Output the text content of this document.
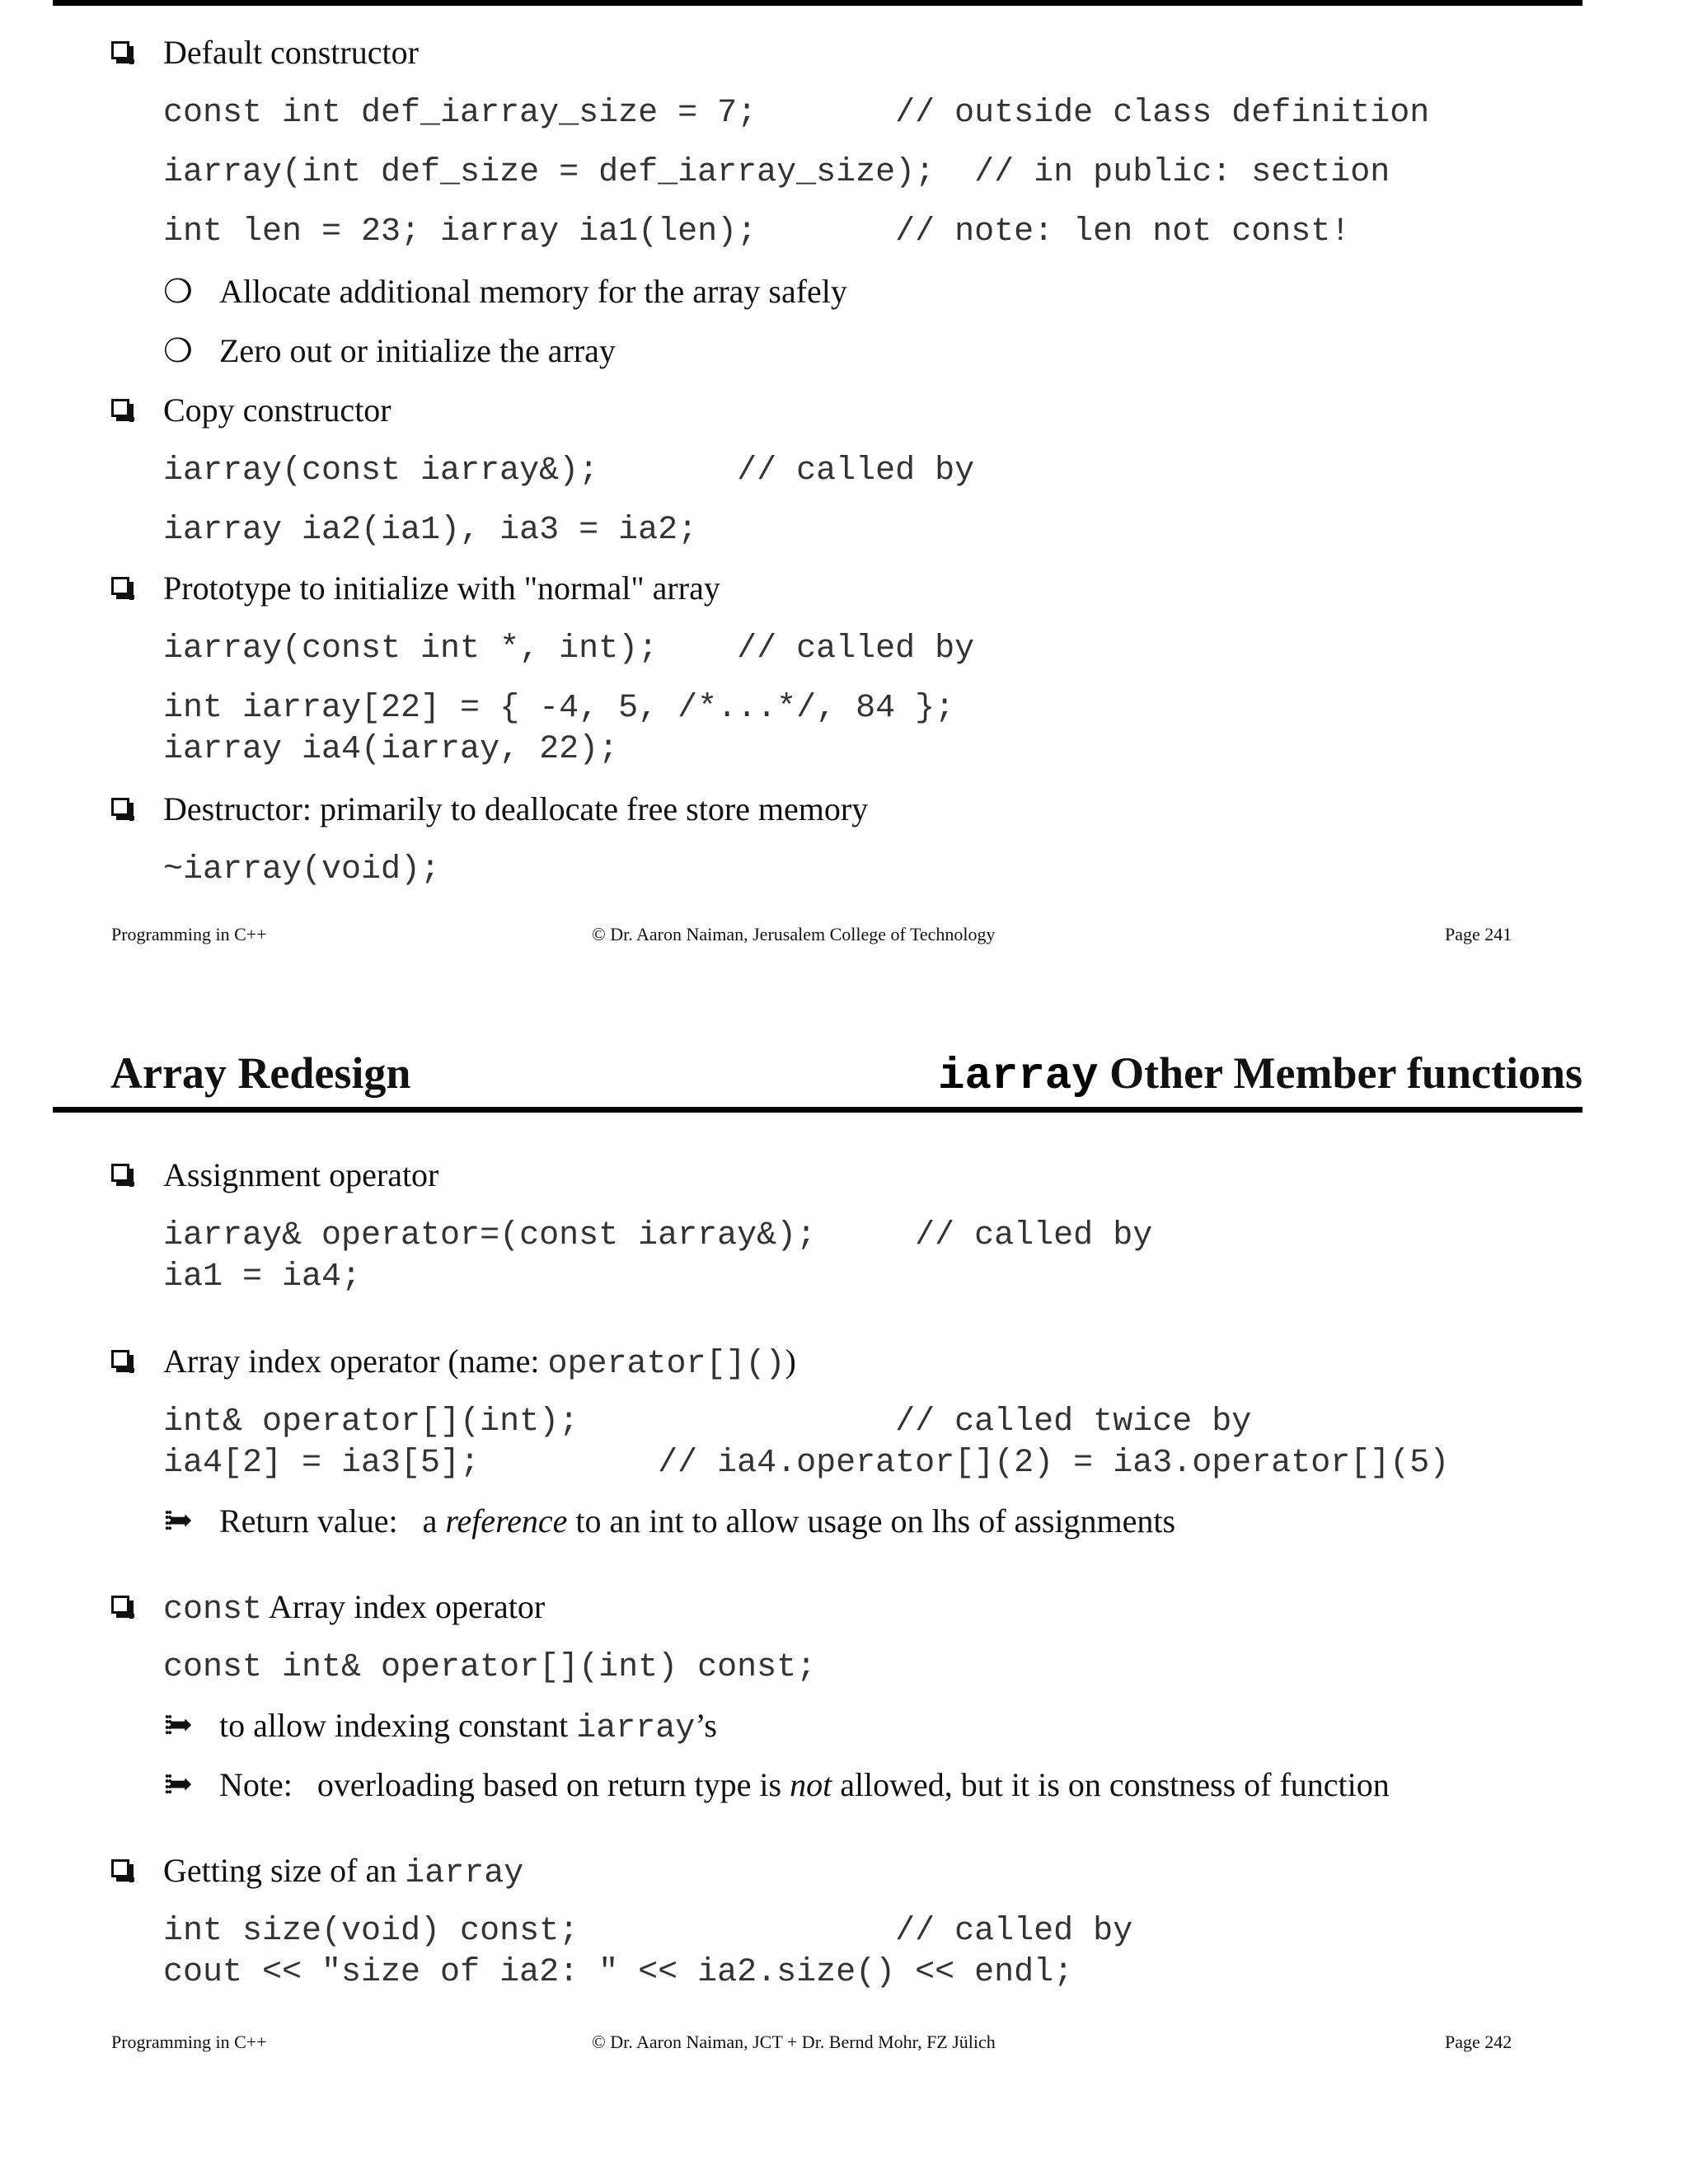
Default constructor
const int def_iarray_size = 7;       // outside class definition
iarray(int def_size = def_iarray_size);  // in public: section
int len = 23; iarray ia1(len);       // note: len not const!
❍ Allocate additional memory for the array safely
❍ Zero out or initialize the array
Copy constructor
iarray(const iarray&);       // called by
iarray ia2(ia1), ia3 = ia2;
Prototype to initialize with "normal" array
iarray(const int *, int);    // called by
int iarray[22] = { -4, 5, /*...*/, 84 };
iarray ia4(iarray, 22);
Destructor: primarily to deallocate free store memory
~iarray(void);
Programming in C++	© Dr. Aaron Naiman, Jerusalem College of Technology	Page 241
Array Redesign	iarray Other Member functions
Assignment operator
iarray& operator=(const iarray&);     // called by
ia1 = ia4;
Array index operator (name: operator[]())
int& operator[](int);                // called twice by
ia4[2] = ia3[5];         // ia4.operator[](2) = ia3.operator[](5)
⁞⁞➡ Return value:   a reference to an int to allow usage on lhs of assignments
const Array index operator
const int& operator[](int) const;
⁞⁞➡ to allow indexing constant iarray’s
⁞⁞➡ Note:   overloading based on return type is not allowed, but it is on constness of function
Getting size of an iarray
int size(void) const;                // called by
cout << "size of ia2: " << ia2.size() << endl;
Programming in C++	© Dr. Aaron Naiman, JCT + Dr. Bernd Mohr, FZ Jülich	Page 242
